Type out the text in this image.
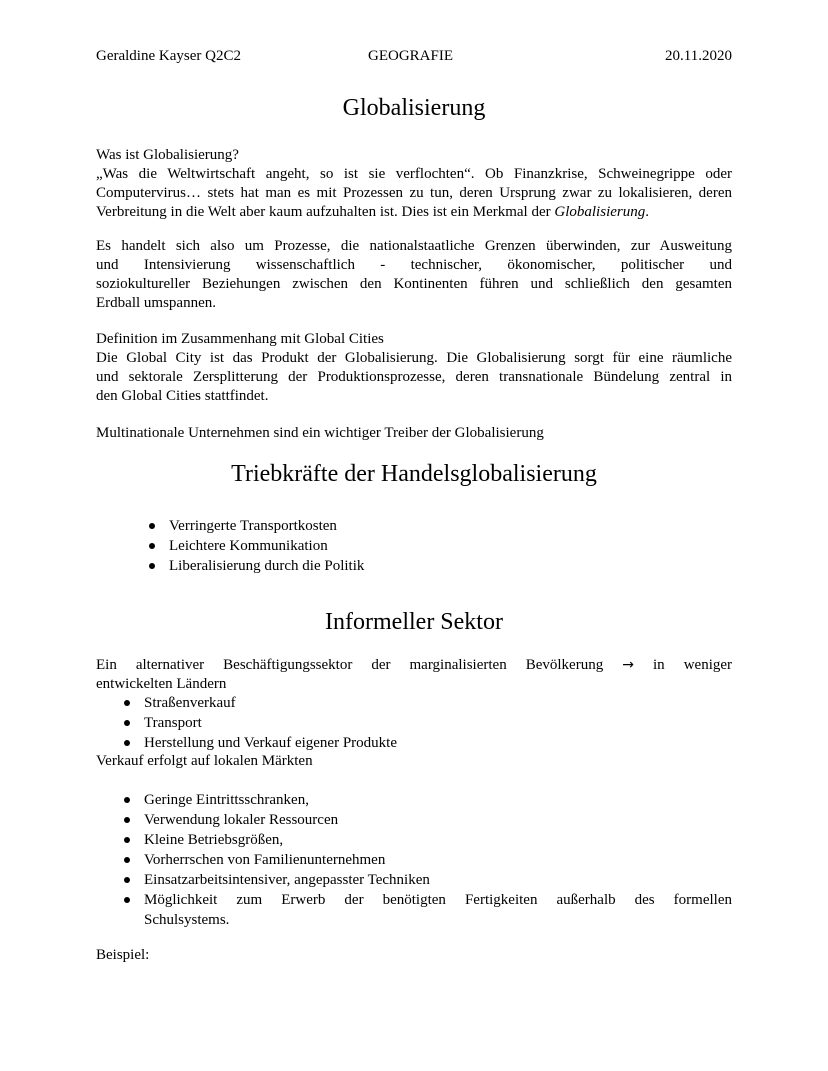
Geraldine Kayser Q2C2	GEOGRAFIE	20.11.2020
Globalisierung
Was ist Globalisierung?
„Was die Weltwirtschaft angeht, so ist sie verflochten“. Ob Finanzkrise, Schweinegrippe oder
Computervirus… stets hat man es mit Prozessen zu tun, deren Ursprung zwar zu lokalisieren, deren
Verbreitung in die Welt aber kaum aufzuhalten ist. Dies ist ein Merkmal der Globalisierung.
Es handelt sich also um Prozesse, die nationalstaatliche Grenzen überwinden, zur Ausweitung
und Intensivierung wissenschaftlich - technischer, ökonomischer, politischer und
soziokultureller Beziehungen zwischen den Kontinenten führen und schließlich den gesamten
Erdball umspannen.
Definition im Zusammenhang mit Global Cities
Die Global City ist das Produkt der Globalisierung. Die Globalisierung sorgt für eine räumliche
und sektorale Zersplitterung der Produktionsprozesse, deren transnationale Bündelung zentral in
den Global Cities stattfindet.
Multinationale Unternehmen sind ein wichtiger Treiber der Globalisierung
Triebkräfte der Handelsglobalisierung
Verringerte Transportkosten
Leichtere Kommunikation
Liberalisierung durch die Politik
Informeller Sektor
Ein alternativer Beschäftigungssektor der marginalisierten Bevölkerung → in weniger
entwickelten Ländern
Straßenverkauf
Transport
Herstellung und Verkauf eigener Produkte
Verkauf erfolgt auf lokalen Märkten
Geringe Eintrittsschranken,
Verwendung lokaler Ressourcen
Kleine Betriebsgrößen,
Vorherrschen von Familienunternehmen
Einsatzarbeitsintensiver, angepasster Techniken
Möglichkeit zum Erwerb der benötigten Fertigkeiten außerhalb des formellen
Schulsystems.
Beispiel:
